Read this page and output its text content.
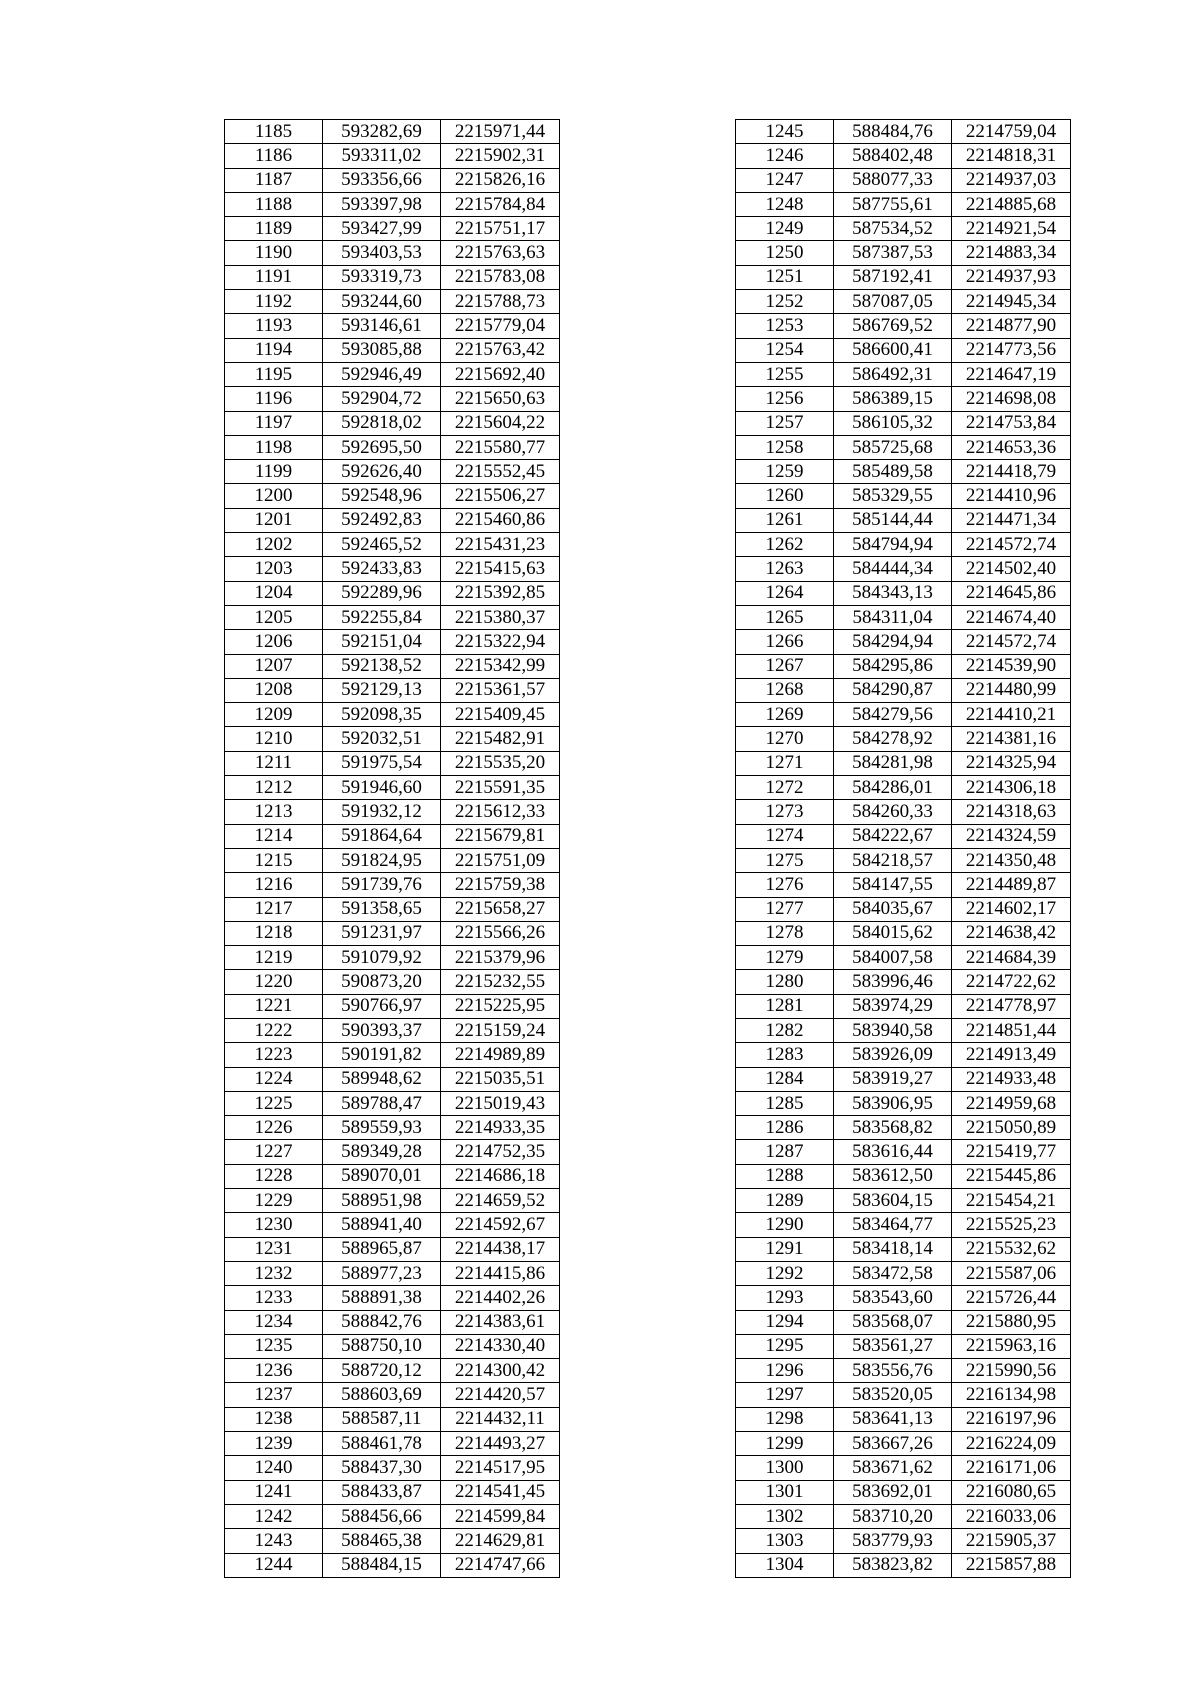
1185	593282,69	2215971,44
1186	593311,02	2215902,31
1187	593356,66	2215826,16
1188	593397,98	2215784,84
1189	593427,99	2215751,17
1190	593403,53	2215763,63
1191	593319,73	2215783,08
1192	593244,60	2215788,73
1193	593146,61	2215779,04
1194	593085,88	2215763,42
1195	592946,49	2215692,40
1196	592904,72	2215650,63
1197	592818,02	2215604,22
1198	592695,50	2215580,77
1199	592626,40	2215552,45
1200	592548,96	2215506,27
1201	592492,83	2215460,86
1202	592465,52	2215431,23
1203	592433,83	2215415,63
1204	592289,96	2215392,85
1205	592255,84	2215380,37
1206	592151,04	2215322,94
1207	592138,52	2215342,99
1208	592129,13	2215361,57
1209	592098,35	2215409,45
1210	592032,51	2215482,91
1211	591975,54	2215535,20
1212	591946,60	2215591,35
1213	591932,12	2215612,33
1214	591864,64	2215679,81
1215	591824,95	2215751,09
1216	591739,76	2215759,38
1217	591358,65	2215658,27
1218	591231,97	2215566,26
1219	591079,92	2215379,96
1220	590873,20	2215232,55
1221	590766,97	2215225,95
1222	590393,37	2215159,24
1223	590191,82	2214989,89
1224	589948,62	2215035,51
1225	589788,47	2215019,43
1226	589559,93	2214933,35
1227	589349,28	2214752,35
1228	589070,01	2214686,18
1229	588951,98	2214659,52
1230	588941,40	2214592,67
1231	588965,87	2214438,17
1232	588977,23	2214415,86
1233	588891,38	2214402,26
1234	588842,76	2214383,61
1235	588750,10	2214330,40
1236	588720,12	2214300,42
1237	588603,69	2214420,57
1238	588587,11	2214432,11
1239	588461,78	2214493,27
1240	588437,30	2214517,95
1241	588433,87	2214541,45
1242	588456,66	2214599,84
1243	588465,38	2214629,81
1244	588484,15	2214747,66
1245	588484,76	2214759,04
1246	588402,48	2214818,31
1247	588077,33	2214937,03
1248	587755,61	2214885,68
1249	587534,52	2214921,54
1250	587387,53	2214883,34
1251	587192,41	2214937,93
1252	587087,05	2214945,34
1253	586769,52	2214877,90
1254	586600,41	2214773,56
1255	586492,31	2214647,19
1256	586389,15	2214698,08
1257	586105,32	2214753,84
1258	585725,68	2214653,36
1259	585489,58	2214418,79
1260	585329,55	2214410,96
1261	585144,44	2214471,34
1262	584794,94	2214572,74
1263	584444,34	2214502,40
1264	584343,13	2214645,86
1265	584311,04	2214674,40
1266	584294,94	2214572,74
1267	584295,86	2214539,90
1268	584290,87	2214480,99
1269	584279,56	2214410,21
1270	584278,92	2214381,16
1271	584281,98	2214325,94
1272	584286,01	2214306,18
1273	584260,33	2214318,63
1274	584222,67	2214324,59
1275	584218,57	2214350,48
1276	584147,55	2214489,87
1277	584035,67	2214602,17
1278	584015,62	2214638,42
1279	584007,58	2214684,39
1280	583996,46	2214722,62
1281	583974,29	2214778,97
1282	583940,58	2214851,44
1283	583926,09	2214913,49
1284	583919,27	2214933,48
1285	583906,95	2214959,68
1286	583568,82	2215050,89
1287	583616,44	2215419,77
1288	583612,50	2215445,86
1289	583604,15	2215454,21
1290	583464,77	2215525,23
1291	583418,14	2215532,62
1292	583472,58	2215587,06
1293	583543,60	2215726,44
1294	583568,07	2215880,95
1295	583561,27	2215963,16
1296	583556,76	2215990,56
1297	583520,05	2216134,98
1298	583641,13	2216197,96
1299	583667,26	2216224,09
1300	583671,62	2216171,06
1301	583692,01	2216080,65
1302	583710,20	2216033,06
1303	583779,93	2215905,37
1304	583823,82	2215857,88
